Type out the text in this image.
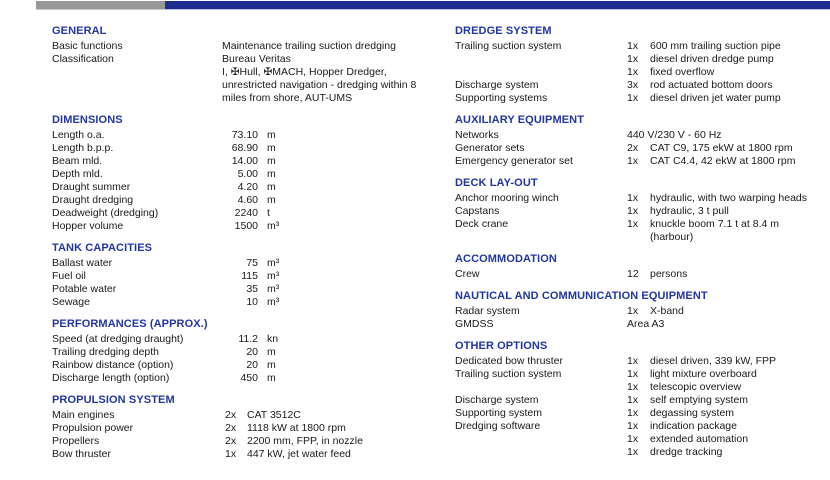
GENERAL
Basic functions	Maintenance trailing suction dredging
Classification	Bureau Veritas
I, ✠Hull, ✠MACH, Hopper Dredger,
unrestricted navigation - dredging within 8
miles from shore, AUT-UMS
DIMENSIONS
Length o.a.	73.10 m
Length b.p.p.	68.90 m
Beam mld.	14.00 m
Depth mld.	5.00 m
Draught summer	4.20 m
Draught dredging	4.60 m
Deadweight (dredging)	2240 t
Hopper volume	1500 m³
TANK CAPACITIES
Ballast water	75 m³
Fuel oil	115 m³
Potable water	35 m³
Sewage	10 m³
PERFORMANCES (APPROX.)
Speed (at dredging draught)	11.2 kn
Trailing dredging depth	20 m
Rainbow distance (option)	20 m
Discharge length (option)	450 m
PROPULSION SYSTEM
Main engines	2x	CAT 3512C
Propulsion power	2x	1118 kW at 1800 rpm
Propellers	2x	2200 mm, FPP, in nozzle
Bow thruster	1x	447 kW, jet water feed
DREDGE SYSTEM
Trailing suction system	1x	600 mm trailing suction pipe
1x	diesel driven dredge pump
1x	fixed overflow
Discharge system	3x	rod actuated bottom doors
Supporting systems	1x	diesel driven jet water pump
AUXILIARY EQUIPMENT
Networks	440 V/230 V - 60 Hz
Generator sets	2x	CAT C9, 175 ekW at 1800 rpm
Emergency generator set	1x	CAT C4.4, 42 ekW at 1800 rpm
DECK LAY-OUT
Anchor mooring winch	1x	hydraulic, with two warping heads
Capstans	1x	hydraulic, 3 t pull
Deck crane	1x	knuckle boom 7.1 t at 8.4 m
(harbour)
ACCOMMODATION
Crew	12	persons
NAUTICAL AND COMMUNICATION EQUIPMENT
Radar system	1x	X-band
GMDSS	Area A3
OTHER OPTIONS
Dedicated bow thruster	1x	diesel driven, 339 kW, FPP
Trailing suction system	1x	light mixture overboard
1x	telescopic overview
Discharge system	1x	self emptying system
Supporting system	1x	degassing system
Dredging software	1x	indication package
1x	extended automation
1x	dredge tracking
